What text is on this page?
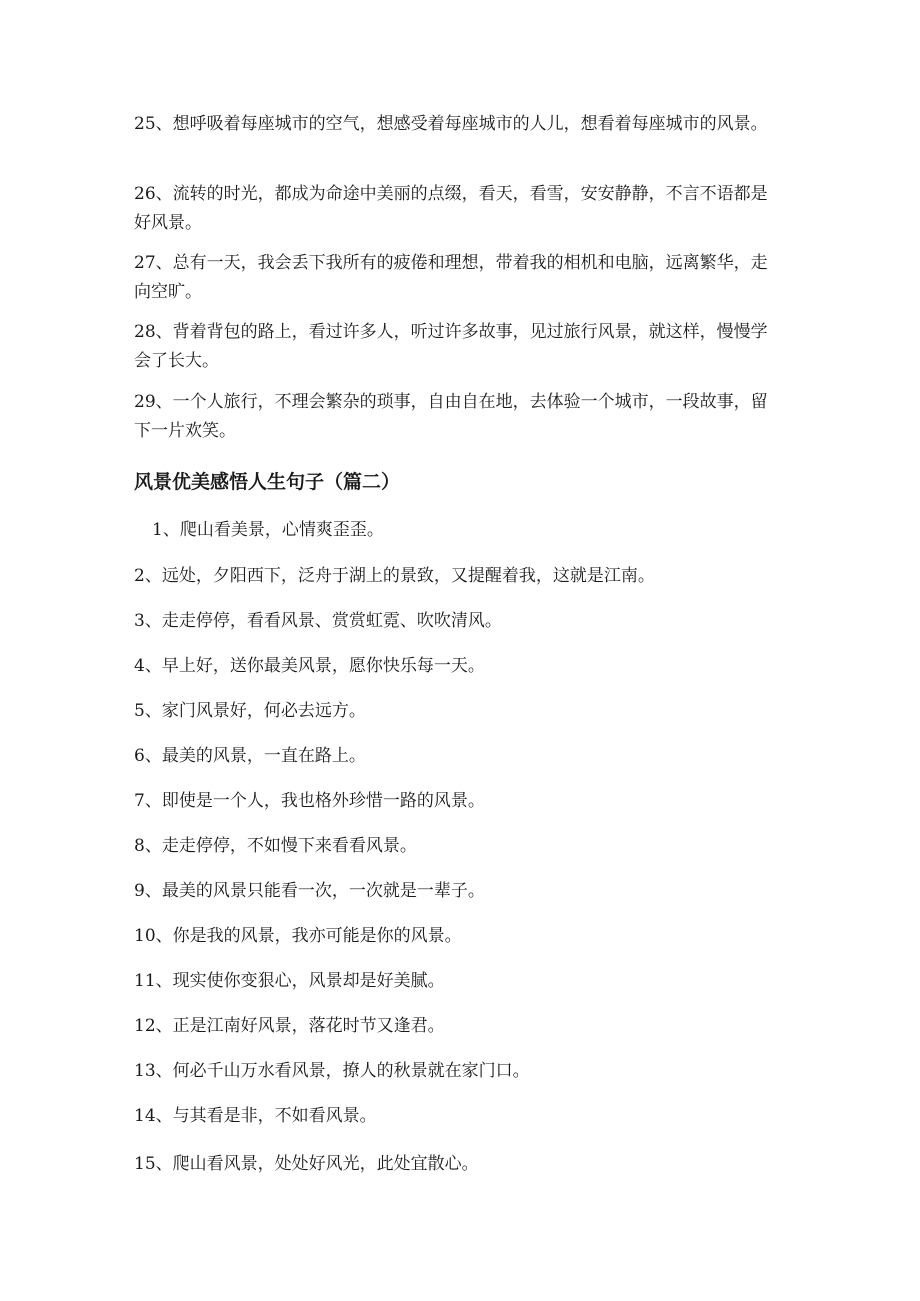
25、想呼吸着每座城市的空气，想感受着每座城市的人儿，想看着每座城市的风景。

26、流转的时光，都成为命途中美丽的点缀，看天，看雪，安安静静，不言不语都是好风景。

27、总有一天，我会丢下我所有的疲倦和理想，带着我的相机和电脑，远离繁华，走向空旷。

28、背着背包的路上，看过许多人，听过许多故事，见过旅行风景，就这样，慢慢学会了长大。

29、一个人旅行，不理会繁杂的琐事，自由自在地，去体验一个城市，一段故事，留下一片欢笑。

风景优美感悟人生句子（篇二）

1、爬山看美景，心情爽歪歪。

2、远处，夕阳西下，泛舟于湖上的景致，又提醒着我，这就是江南。

3、走走停停，看看风景、赏赏虹霓、吹吹清风。

4、早上好，送你最美风景，愿你快乐每一天。

5、家门风景好，何必去远方。

6、最美的风景，一直在路上。

7、即使是一个人，我也格外珍惜一路的风景。

8、走走停停，不如慢下来看看风景。

9、最美的风景只能看一次，一次就是一辈子。

10、你是我的风景，我亦可能是你的风景。

11、现实使你变狠心，风景却是好美腻。

12、正是江南好风景，落花时节又逢君。

13、何必千山万水看风景，撩人的秋景就在家门口。

14、与其看是非，不如看风景。

15、爬山看风景，处处好风光，此处宜散心。
